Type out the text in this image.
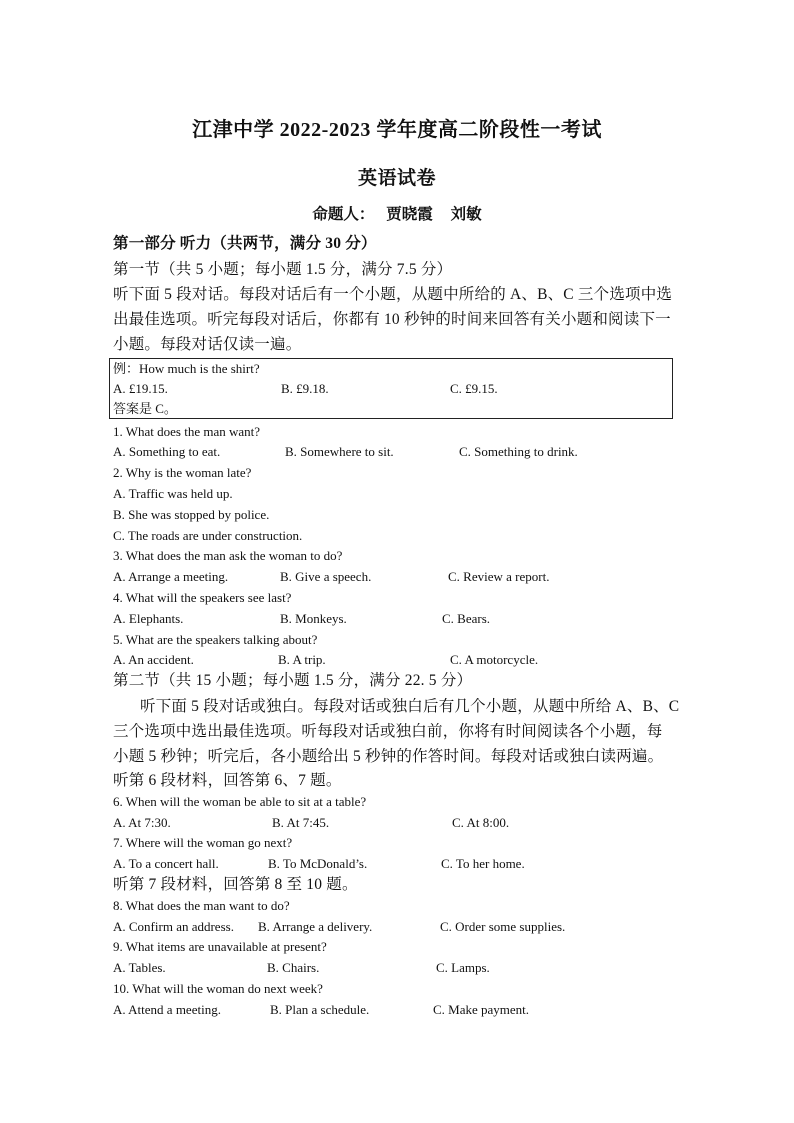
江津中学 2022-2023 学年度高二阶段性一考试
英语试卷
命题人： 贾晓霞 刘敏
第一部分 听力（共两节，满分 30 分）
第一节（共 5 小题；每小题 1.5 分，满分 7.5 分）
听下面 5 段对话。每段对话后有一个小题，从题中所给的 A、B、C 三个选项中选
出最佳选项。听完每段对话后，你都有 10 秒钟的时间来回答有关小题和阅读下一
小题。每段对话仅读一遍。
例：How much is the shirt?
A. £19.15.	B. £9.18.	C. £9.15.
答案是 C。
1. What does the man want?
A. Something to eat.	B. Somewhere to sit.	C. Something to drink.
2. Why is the woman late?
A. Traffic was held up.
B. She was stopped by police.
C. The roads are under construction.
3. What does the man ask the woman to do?
A. Arrange a meeting.	B. Give a speech.	C. Review a report.
4. What will the speakers see last?
A. Elephants.	B. Monkeys.	C. Bears.
5. What are the speakers talking about?
A. An accident.	B. A trip.	C. A motorcycle.
第二节（共 15 小题；每小题 1.5 分，满分 22. 5 分）
听下面 5 段对话或独白。每段对话或独白后有几个小题，从题中所给 A、B、C
三个选项中选出最佳选项。听每段对话或独白前，你将有时间阅读各个小题，每
小题 5 秒钟；听完后，各小题给出 5 秒钟的作答时间。每段对话或独白读两遍。
听第 6 段材料，回答第 6、7 题。
6. When will the woman be able to sit at a table?
A. At 7:30.	B. At 7:45.	C. At 8:00.
7. Where will the woman go next?
A. To a concert hall.	B. To McDonald’s.	C. To her home.
听第 7 段材料，回答第 8 至 10 题。
8. What does the man want to do?
A. Confirm an address. B. Arrange a delivery.	C. Order some supplies.
9. What items are unavailable at present?
A. Tables.	B. Chairs.	C. Lamps.
10. What will the woman do next week?
A. Attend a meeting.	B. Plan a schedule.	C. Make payment.
